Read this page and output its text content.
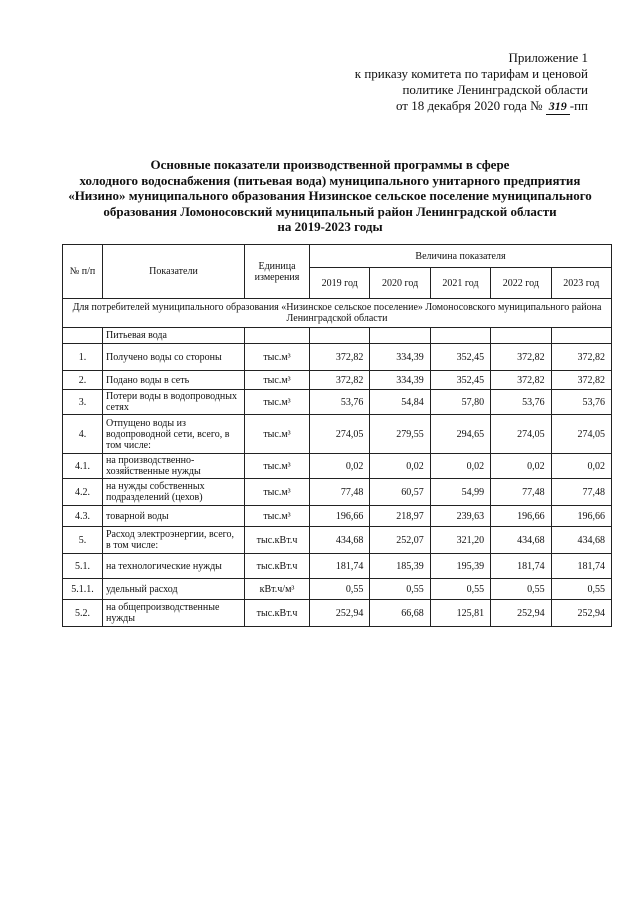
Приложение 1
к приказу комитета по тарифам и ценовой
политике Ленинградской области
от 18 декабря 2020 года № 319 -пп
Основные показатели производственной программы в сфере
холодного водоснабжения (питьевая вода) муниципального унитарного предприятия
«Низино» муниципального образования Низинское сельское поселение муниципального
образования Ломоносовский муниципальный район Ленинградской области
на 2019-2023 годы
№ п/п	Показатели	Единица измерения	Величина показателя				
			2019 год	2020 год	2021 год	2022 год	2023 год
Для потребителей муниципального образования «Низинское сельское поселение» Ломоносовского муниципального района Ленинградской области							
	Питьевая вода						
1.	Получено воды со стороны	тыс.м³	372,82	334,39	352,45	372,82	372,82
2.	Подано воды в сеть	тыс.м³	372,82	334,39	352,45	372,82	372,82
3.	Потери воды в водопроводных сетях	тыс.м³	53,76	54,84	57,80	53,76	53,76
4.	Отпущено воды из водопроводной сети, всего, в том числе:	тыс.м³	274,05	279,55	294,65	274,05	274,05
4.1.	на производственно-хозяйственные нужды	тыс.м³	0,02	0,02	0,02	0,02	0,02
4.2.	на нужды собственных подразделений (цехов)	тыс.м³	77,48	60,57	54,99	77,48	77,48
4.3.	товарной воды	тыс.м³	196,66	218,97	239,63	196,66	196,66
5.	Расход электроэнергии, всего, в том числе:	тыс.кВт.ч	434,68	252,07	321,20	434,68	434,68
5.1.	на технологические нужды	тыс.кВт.ч	181,74	185,39	195,39	181,74	181,74
5.1.1.	удельный расход	кВт.ч/м³	0,55	0,55	0,55	0,55	0,55
5.2.	на общепроизводственные нужды	тыс.кВт.ч	252,94	66,68	125,81	252,94	252,94
